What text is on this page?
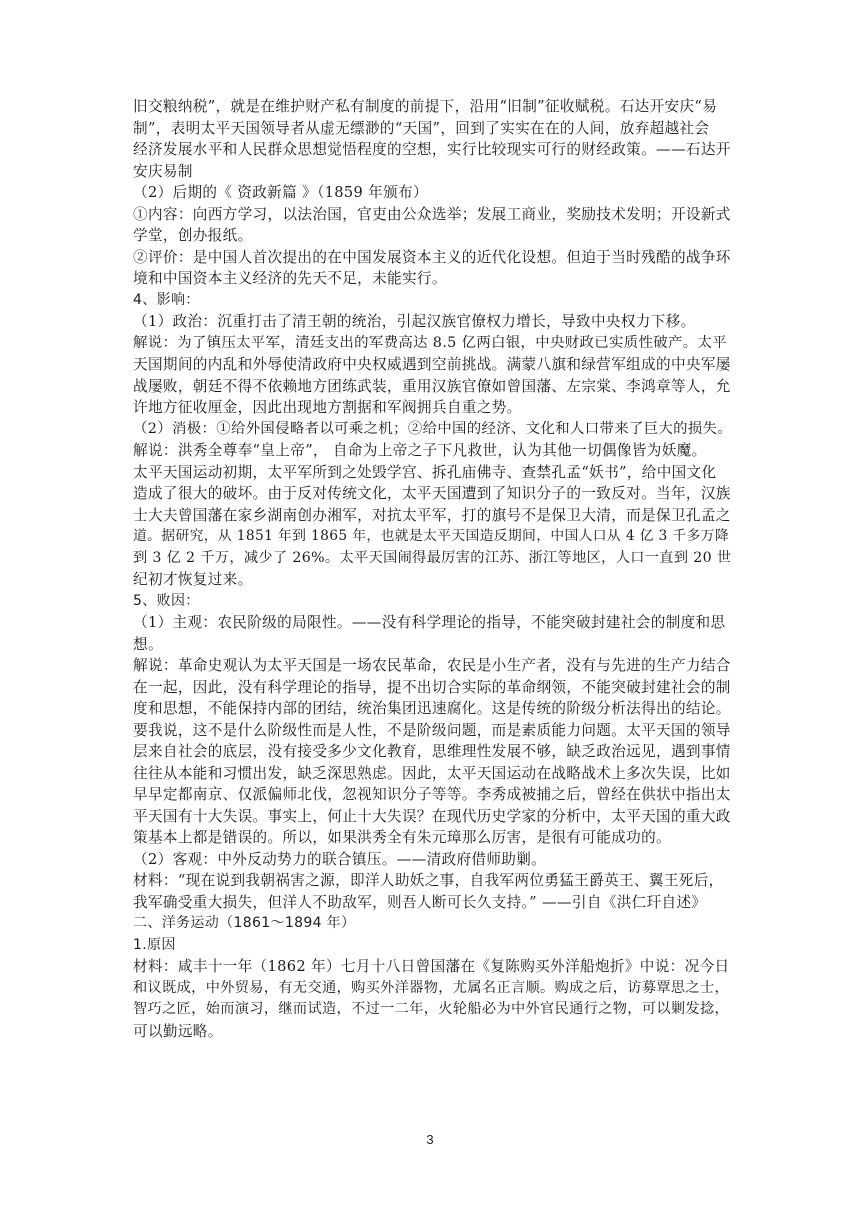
旧交粮纳税”，就是在维护财产私有制度的前提下，沿用“旧制”征收赋税。石达开安庆“易

制”，表明太平天国领导者从虚无缥渺的“天国”，回到了实实在在的人间，放弃超越社会

经济发展水平和人民群众思想觉悟程度的空想，实行比较现实可行的财经政策。——石达开

安庆易制

（2）后期的《 资政新篇 》（1859 年颁布）

①内容：向西方学习，以法治国，官吏由公众选举；发展工商业，奖励技术发明；开设新式

学堂，创办报纸。

②评价：是中国人首次提出的在中国发展资本主义的近代化设想。但迫于当时残酷的战争环

境和中国资本主义经济的先天不足，未能实行。

4、影响：

（1）政治：沉重打击了清王朝的统治，引起汉族官僚权力增长，导致中央权力下移。

解说：为了镇压太平军，清廷支出的军费高达 8.5 亿两白银，中央财政已实质性破产。太平

天国期间的内乱和外辱使清政府中央权威遇到空前挑战。满蒙八旗和绿营军组成的中央军屡

战屡败，朝廷不得不依赖地方团练武装，重用汉族官僚如曾国藩、左宗棠、李鸿章等人，允

许地方征收厘金，因此出现地方割据和军阀拥兵自重之势。

（2）消极：①给外国侵略者以可乘之机；②给中国的经济、文化和人口带来了巨大的损失。

解说：洪秀全尊奉“皇上帝”， 自命为上帝之子下凡救世，认为其他一切偶像皆为妖魔。

太平天国运动初期，太平军所到之处毁学宫、拆孔庙佛寺、查禁孔孟“妖书”，给中国文化

造成了很大的破坏。由于反对传统文化，太平天国遭到了知识分子的一致反对。当年，汉族

士大夫曾国藩在家乡湖南创办湘军，对抗太平军，打的旗号不是保卫大清，而是保卫孔孟之

道。据研究，从 1851 年到 1865 年，也就是太平天国造反期间，中国人口从 4 亿 3 千多万降

到 3 亿 2 千万，减少了 26%。太平天国闹得最厉害的江苏、浙江等地区，人口一直到 20 世

纪初才恢复过来。

5、败因：

（1）主观：农民阶级的局限性。——没有科学理论的指导，不能突破封建社会的制度和思

想。

解说：革命史观认为太平天国是一场农民革命，农民是小生产者，没有与先进的生产力结合

在一起，因此，没有科学理论的指导，提不出切合实际的革命纲领，不能突破封建社会的制

度和思想，不能保持内部的团结，统治集团迅速腐化。这是传统的阶级分析法得出的结论。

要我说，这不是什么阶级性而是人性，不是阶级问题，而是素质能力问题。太平天国的领导

层来自社会的底层，没有接受多少文化教育，思维理性发展不够，缺乏政治远见，遇到事情

往往从本能和习惯出发，缺乏深思熟虑。因此，太平天国运动在战略战术上多次失误，比如

早早定都南京、仅派偏师北伐，忽视知识分子等等。李秀成被捕之后，曾经在供状中指出太

平天国有十大失误。事实上，何止十大失误？在现代历史学家的分析中，太平天国的重大政

策基本上都是错误的。所以，如果洪秀全有朱元璋那么厉害，是很有可能成功的。

（2）客观：中外反动势力的联合镇压。——清政府借师助剿。

材料：“现在说到我朝祸害之源，即洋人助妖之事，自我军两位勇猛王爵英王、翼王死后，

我军确受重大损失，但洋人不助敌军，则吾人断可长久支持。” ——引自《洪仁玕自述》

二、洋务运动（1861～1894 年）

1.原因

材料：咸丰十一年（1862 年）七月十八日曾国藩在《复陈购买外洋船炮折》中说：况今日

和议既成，中外贸易，有无交通，购买外洋器物，尤属名正言顺。购成之后，访募覃思之士，

智巧之匠，始而演习，继而试造，不过一二年，火轮船必为中外官民通行之物，可以剿发捻，

可以勤远略。

3
